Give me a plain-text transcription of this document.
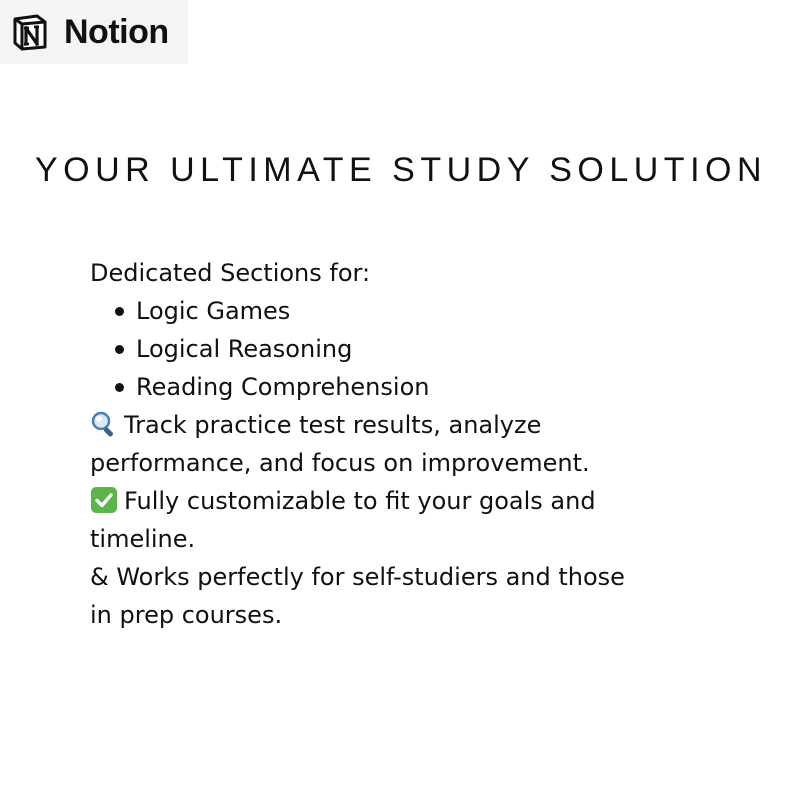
Notion
YOUR ULTIMATE STUDY SOLUTION
Dedicated Sections for:
Logic Games
Logical Reasoning
Reading Comprehension
Track practice test results, analyze
performance, and focus on improvement.
Fully customizable to fit your goals and
timeline.
& Works perfectly for self-studiers and those
in prep courses.
